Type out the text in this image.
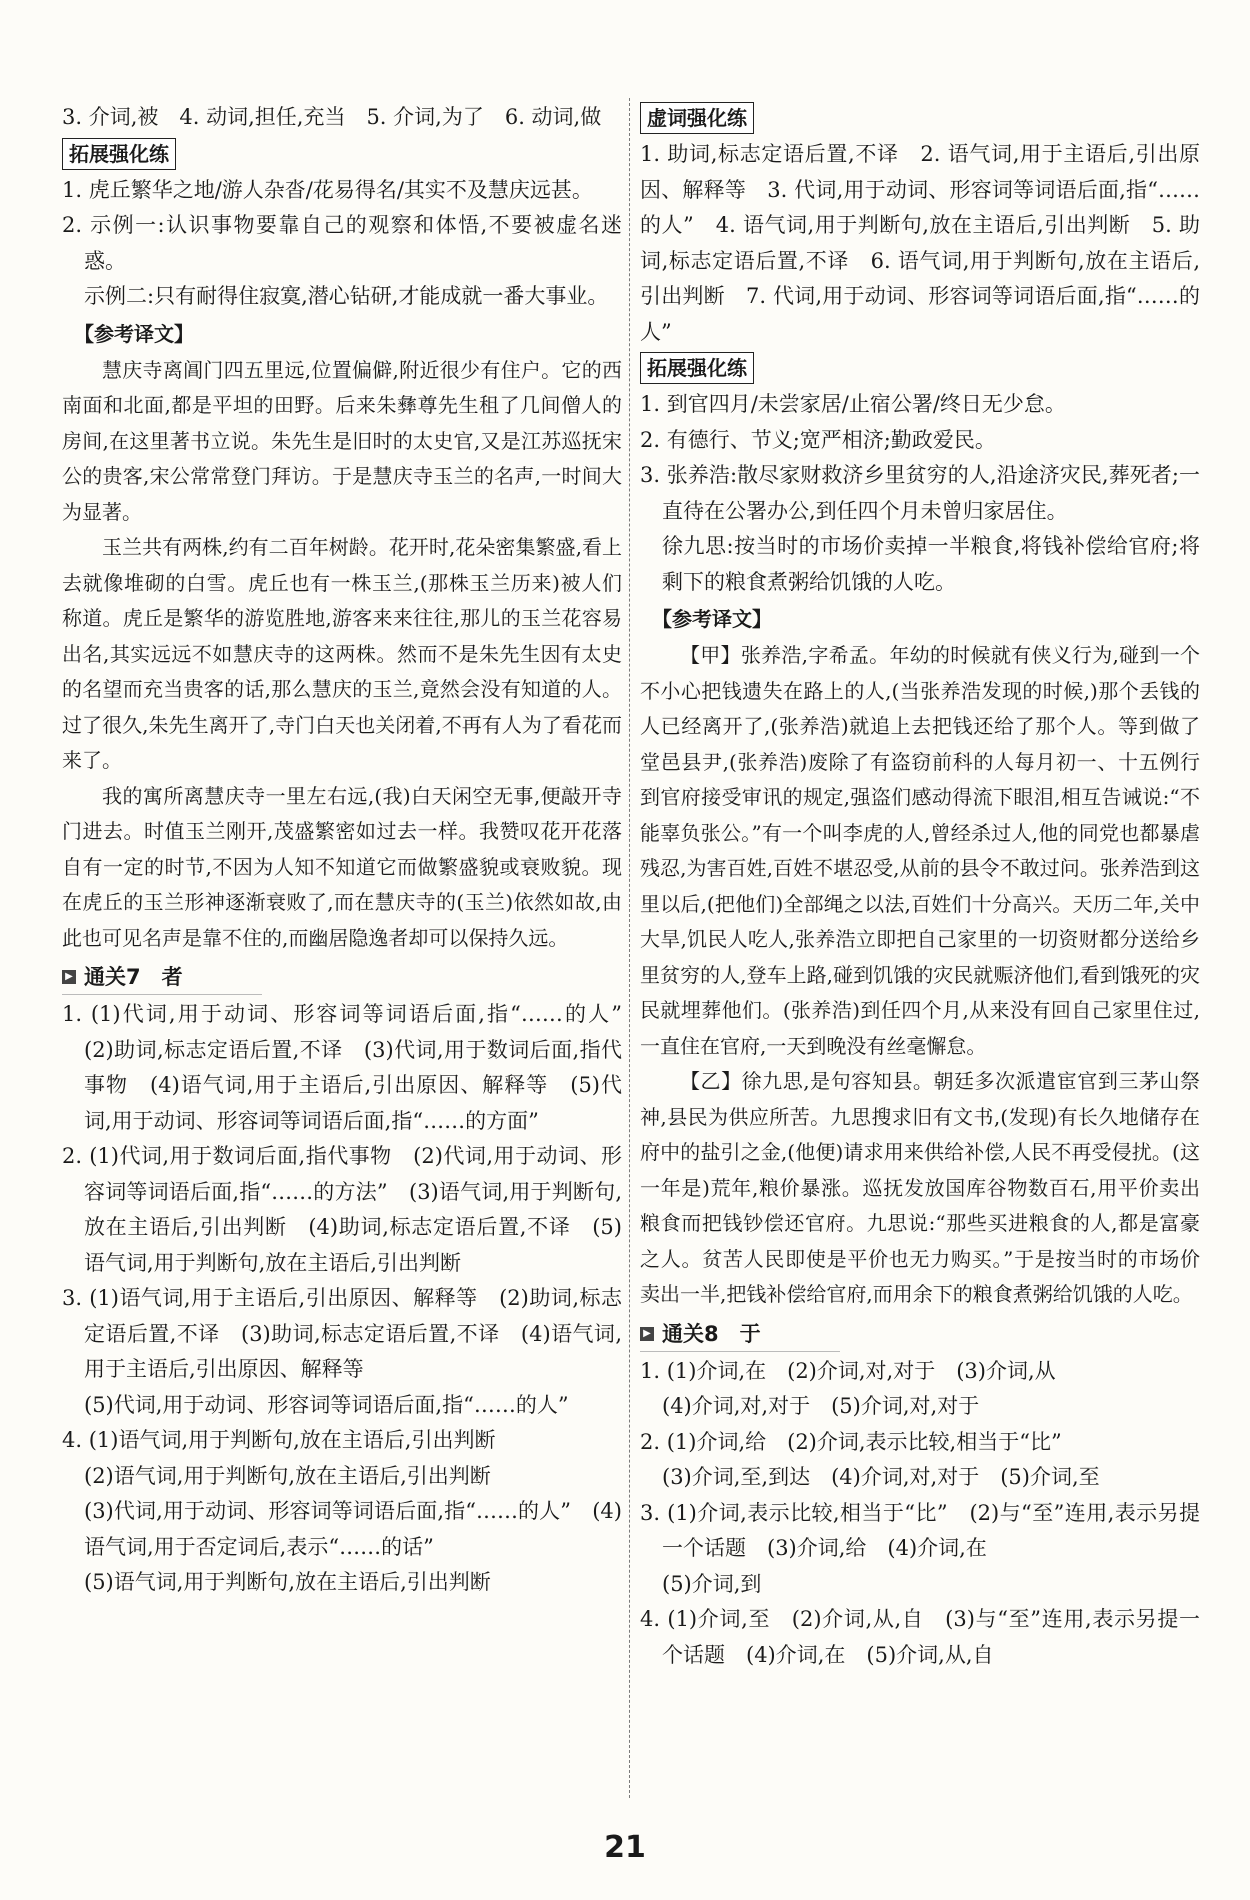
3. 介词,被　4. 动词,担任,充当　5. 介词,为了　6. 动词,做

拓展强化练

1. 虎丘繁华之地/游人杂沓/花易得名/其实不及慧庆远甚。

2. 示例一:认识事物要靠自己的观察和体悟,不要被虚名迷惑。

示例二:只有耐得住寂寞,潜心钻研,才能成就一番大事业。

【参考译文】

慧庆寺离阊门四五里远,位置偏僻,附近很少有住户。它的西南面和北面,都是平坦的田野。后来朱彝尊先生租了几间僧人的房间,在这里著书立说。朱先生是旧时的太史官,又是江苏巡抚宋公的贵客,宋公常常登门拜访。于是慧庆寺玉兰的名声,一时间大为显著。

玉兰共有两株,约有二百年树龄。花开时,花朵密集繁盛,看上去就像堆砌的白雪。虎丘也有一株玉兰,(那株玉兰历来)被人们称道。虎丘是繁华的游览胜地,游客来来往往,那儿的玉兰花容易出名,其实远远不如慧庆寺的这两株。然而不是朱先生因有太史的名望而充当贵客的话,那么慧庆的玉兰,竟然会没有知道的人。过了很久,朱先生离开了,寺门白天也关闭着,不再有人为了看花而来了。

我的寓所离慧庆寺一里左右远,(我)白天闲空无事,便敲开寺门进去。时值玉兰刚开,茂盛繁密如过去一样。我赞叹花开花落自有一定的时节,不因为人知不知道它而做繁盛貌或衰败貌。现在虎丘的玉兰形神逐渐衰败了,而在慧庆寺的(玉兰)依然如故,由此也可见名声是靠不住的,而幽居隐逸者却可以保持久远。

▶ 通关7　者

1. (1)代词,用于动词、形容词等词语后面,指“……的人”　(2)助词,标志定语后置,不译　(3)代词,用于数词后面,指代事物　(4)语气词,用于主语后,引出原因、解释等　(5)代词,用于动词、形容词等词语后面,指“……的方面”

2. (1)代词,用于数词后面,指代事物　(2)代词,用于动词、形容词等词语后面,指“……的方法”　(3)语气词,用于判断句,放在主语后,引出判断　(4)助词,标志定语后置,不译　(5)语气词,用于判断句,放在主语后,引出判断

3. (1)语气词,用于主语后,引出原因、解释等　(2)助词,标志定语后置,不译　(3)助词,标志定语后置,不译　(4)语气词,用于主语后,引出原因、解释等

(5)代词,用于动词、形容词等词语后面,指“……的人”

4. (1)语气词,用于判断句,放在主语后,引出判断

(2)语气词,用于判断句,放在主语后,引出判断

(3)代词,用于动词、形容词等词语后面,指“……的人”　(4)语气词,用于否定词后,表示“……的话”

(5)语气词,用于判断句,放在主语后,引出判断

虚词强化练

1. 助词,标志定语后置,不译　2. 语气词,用于主语后,引出原因、解释等　3. 代词,用于动词、形容词等词语后面,指“……的人”　4. 语气词,用于判断句,放在主语后,引出判断　5. 助词,标志定语后置,不译　6. 语气词,用于判断句,放在主语后,引出判断　7. 代词,用于动词、形容词等词语后面,指“……的人”

拓展强化练

1. 到官四月/未尝家居/止宿公署/终日无少怠。

2. 有德行、节义;宽严相济;勤政爱民。

3. 张养浩:散尽家财救济乡里贫穷的人,沿途济灾民,葬死者;一直待在公署办公,到任四个月未曾归家居住。

徐九思:按当时的市场价卖掉一半粮食,将钱补偿给官府;将剩下的粮食煮粥给饥饿的人吃。

【参考译文】

【甲】张养浩,字希孟。年幼的时候就有侠义行为,碰到一个不小心把钱遗失在路上的人,(当张养浩发现的时候,)那个丢钱的人已经离开了,(张养浩)就追上去把钱还给了那个人。等到做了堂邑县尹,(张养浩)废除了有盗窃前科的人每月初一、十五例行到官府接受审讯的规定,强盗们感动得流下眼泪,相互告诫说:“不能辜负张公。”有一个叫李虎的人,曾经杀过人,他的同党也都暴虐残忍,为害百姓,百姓不堪忍受,从前的县令不敢过问。张养浩到这里以后,(把他们)全部绳之以法,百姓们十分高兴。天历二年,关中大旱,饥民人吃人,张养浩立即把自己家里的一切资财都分送给乡里贫穷的人,登车上路,碰到饥饿的灾民就赈济他们,看到饿死的灾民就埋葬他们。(张养浩)到任四个月,从来没有回自己家里住过,一直住在官府,一天到晚没有丝毫懈怠。

【乙】徐九思,是句容知县。朝廷多次派遣宦官到三茅山祭神,县民为供应所苦。九思搜求旧有文书,(发现)有长久地储存在府中的盐引之金,(他便)请求用来供给补偿,人民不再受侵扰。(这一年是)荒年,粮价暴涨。巡抚发放国库谷物数百石,用平价卖出粮食而把钱钞偿还官府。九思说:“那些买进粮食的人,都是富豪之人。贫苦人民即使是平价也无力购买。”于是按当时的市场价卖出一半,把钱补偿给官府,而用余下的粮食煮粥给饥饿的人吃。

▶ 通关8　于

1. (1)介词,在　(2)介词,对,对于　(3)介词,从

(4)介词,对,对于　(5)介词,对,对于

2. (1)介词,给　(2)介词,表示比较,相当于“比”

(3)介词,至,到达　(4)介词,对,对于　(5)介词,至

3. (1)介词,表示比较,相当于“比”　(2)与“至”连用,表示另提一个话题　(3)介词,给　(4)介词,在

(5)介词,到

4. (1)介词,至　(2)介词,从,自　(3)与“至”连用,表示另提一个话题　(4)介词,在　(5)介词,从,自

21
